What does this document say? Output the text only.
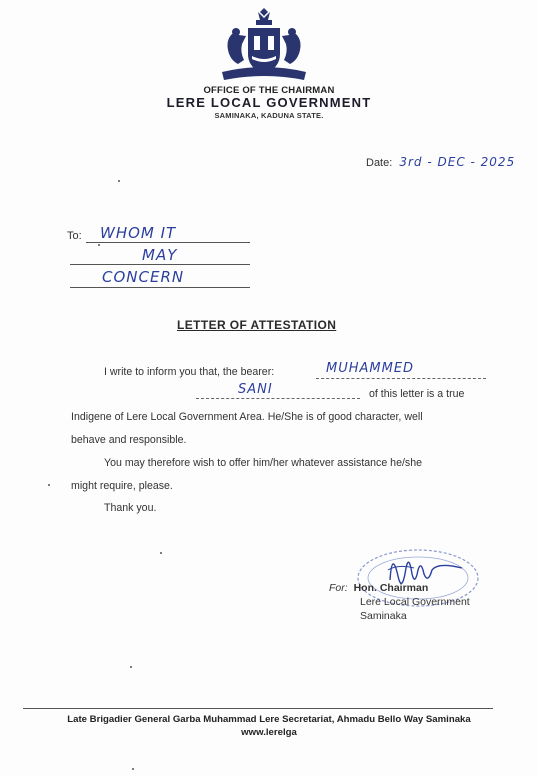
OFFICE OF THE CHAIRMAN
LERE LOCAL GOVERNMENT
SAMINAKA, KADUNA STATE.
Date: 3rd - DEC - 2025
To: WHOM IT
MAY
CONCERN
LETTER OF ATTESTATION
I write to inform you that, the bearer:	MUHAMMED
SANI	of this letter is a true
Indigene of Lere Local Government Area. He/She is of good character, well
behave and responsible.
You may therefore wish to offer him/her whatever assistance he/she
might require, please.
Thank you.
For: Hon. Chairman
Lere Local Government
Saminaka
Late Brigadier General Garba Muhammad Lere Secretariat, Ahmadu Bello Way Saminaka
www.lerelga
